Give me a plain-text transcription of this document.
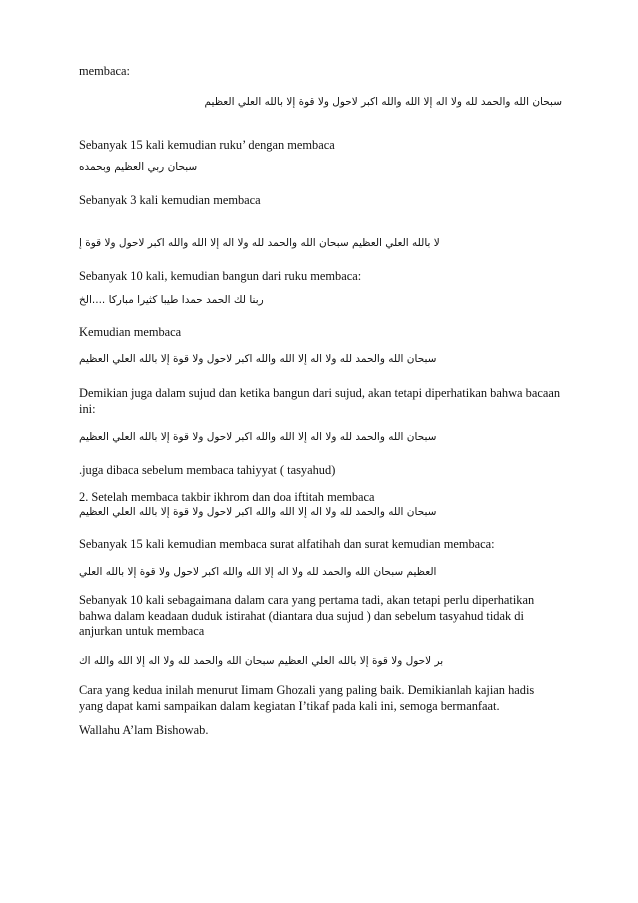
membaca:
سبحان الله والحمد لله ولا اله إلا الله والله اكبر لاحول ولا قوة إلا بالله العلي العظيم
Sebanyak 15 kali kemudian ruku’ dengan membaca
سبحان ربي العظيم وبحمده
Sebanyak 3 kali kemudian membaca
لا بالله العلي العظيم سبحان الله والحمد لله ولا اله إلا الله والله اكبر لاحول ولا قوة إ
Sebanyak 10 kali, kemudian bangun dari ruku membaca:
ربنا لك الحمد حمدا طيبا كثيرا مباركا ....الخ
Kemudian membaca
سبحان الله والحمد لله ولا اله إلا الله والله اكبر لاحول ولا قوة إلا بالله العلي العظيم
Demikian juga dalam sujud dan ketika bangun dari sujud, akan tetapi diperhatikan bahwa bacaan ini:
سبحان الله والحمد لله ولا اله إلا الله والله اكبر لاحول ولا قوة إلا بالله العلي العظيم
.juga dibaca sebelum membaca tahiyyat ( tasyahud)
2. Setelah membaca takbir ikhrom dan doa iftitah membaca
سبحان الله والحمد لله ولا اله إلا الله والله اكبر لاحول ولا قوة إلا بالله العلي العظيم
Sebanyak 15 kali kemudian membaca surat alfatihah dan surat kemudian membaca:
العظيم سبحان الله والحمد لله ولا اله إلا الله والله اكبر لاحول ولا قوة إلا بالله العلي
Sebanyak 10 kali sebagaimana dalam cara yang pertama tadi, akan tetapi perlu diperhatikan bahwa dalam keadaan duduk istirahat (diantara dua sujud ) dan sebelum tasyahud tidak di anjurkan untuk membaca
بر لاحول ولا قوة إلا بالله العلي العظيم سبحان الله والحمد لله ولا اله إلا الله والله اك
Cara yang kedua inilah menurut Iimam Ghozali yang paling baik. Demikianlah kajian hadis yang dapat kami sampaikan dalam kegiatan I’tikaf pada kali ini, semoga bermanfaat.
Wallahu A’lam Bishowab.
